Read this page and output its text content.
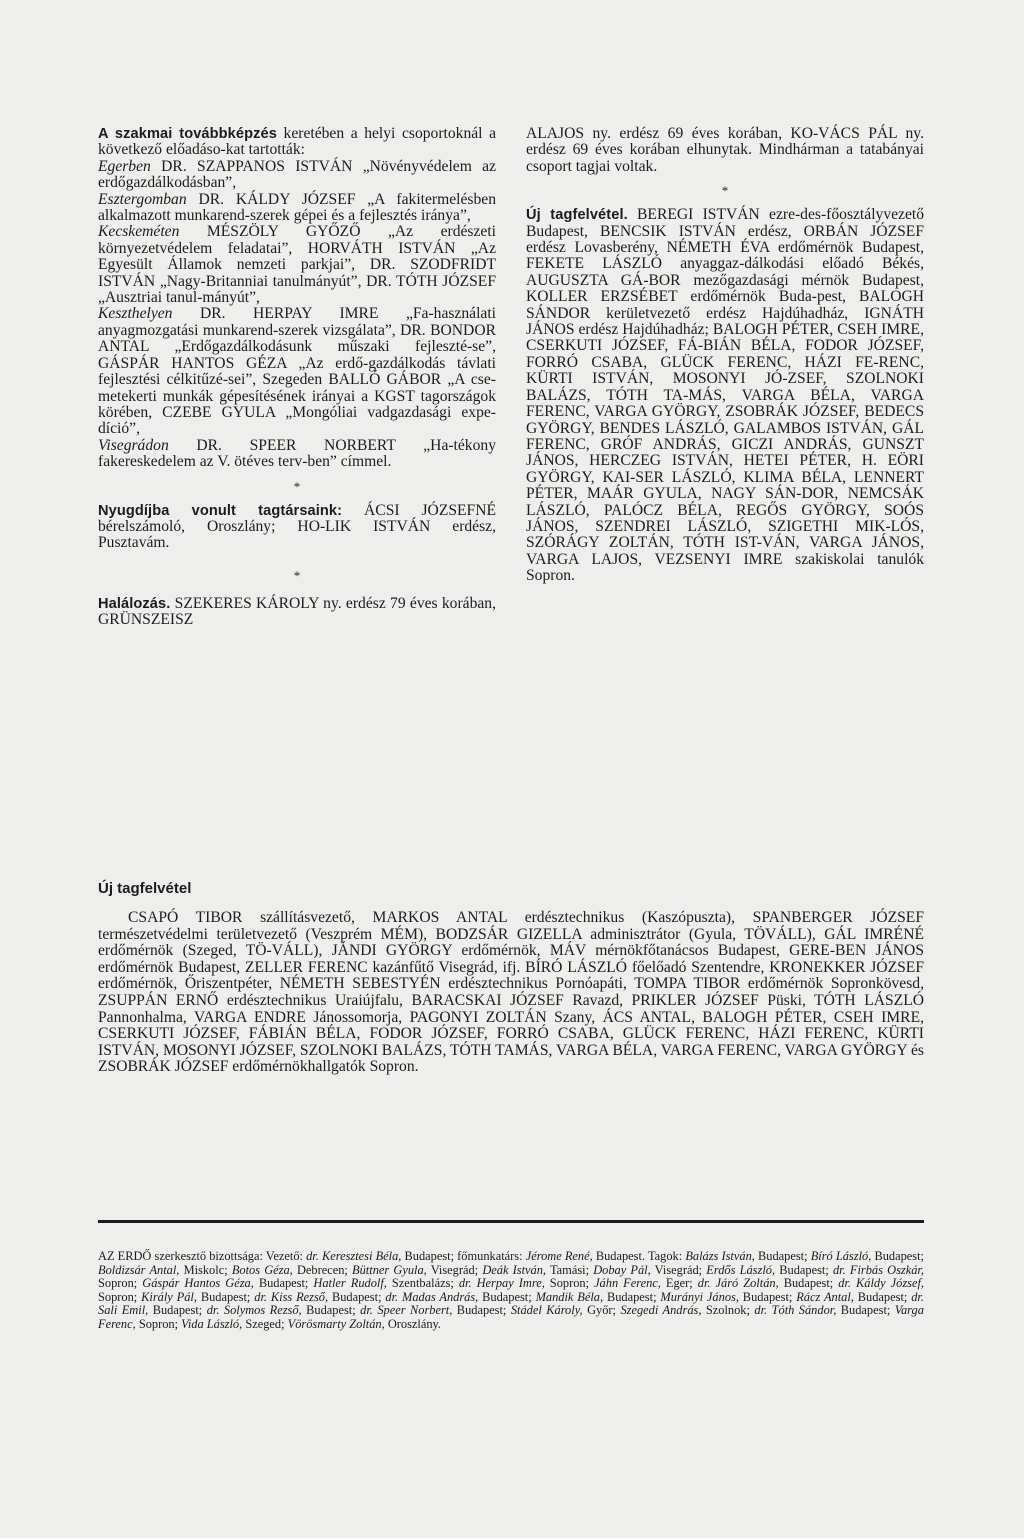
A szakmai továbbképzés keretében a helyi csoportoknál a következő előadáso-kat tartották:
Egerben DR. SZAPPANOS ISTVÁN „Növényvédelem az erdőgazdálkodásban”,
Esztergomban DR. KÁLDY JÓZSEF „A fakitermelésben alkalmazott munkarend-szerek gépei és a fejlesztés iránya”,
Kecskeméten MÉSZÖLY GYŐZŐ „Az erdészeti környezetvédelem feladatai”, HORVÁTH ISTVÁN „Az Egyesült Államok nemzeti parkjai”, DR. SZODFRIDT ISTVÁN „Nagy-Britanniai tanulmányút”, DR. TÓTH JÓZSEF „Ausztriai tanul-mányút”,
Keszthelyen DR. HERPAY IMRE „Fa-használati anyagmozgatási munkarend-szerek vizsgálata”, DR. BONDOR ANTAL „Erdőgazdálkodásunk műszaki fejleszté-se”, GÁSPÁR HANTOS GÉZA „Az erdő-gazdálkodás távlati fejlesztési célkitűzé-sei”, Szegeden BALLÓ GÁBOR „A cse-metekerti munkák gépesítésének irányai a KGST tagországok körében, CZEBE GYULA „Mongóliai vadgazdasági expe-díció”,
Visegrádon DR. SPEER NORBERT „Ha-tékony fakereskedelem az V. ötéves terv-ben” címmel.

*

Nyugdíjba vonult tagtársaink: ÁCSI JÓZSEFNÉ bérelszámoló, Oroszlány; HO-LIK ISTVÁN erdész, Pusztavám.

*

Halálozás. SZEKERES KÁROLY ny. erdész 79 éves korában, GRÜNSZEISZ

ALAJOS ny. erdész 69 éves korában, KO-VÁCS PÁL ny. erdész 69 éves korában elhunytak. Mindhárman a tatabányai csoport tagjai voltak.

*

Új tagfelvétel. BEREGI ISTVÁN ezre-des-főosztályvezető Budapest, BENCSIK ISTVÁN erdész, ORBÁN JÓZSEF erdész Lovasberény, NÉMETH ÉVA erdőmérnök Budapest, FEKETE LÁSZLÓ anyaggaz-dálkodási előadó Békés, AUGUSZTA GÁ-BOR mezőgazdasági mérnök Budapest, KOLLER ERZSÉBET erdőmérnök Buda-pest, BALOGH SÁNDOR kerületvezető erdész Hajdúhadház, IGNÁTH JÁNOS erdész Hajdúhadház; BALOGH PÉTER, CSEH IMRE, CSERKUTI JÓZSEF, FÁ-BIÁN BÉLA, FODOR JÓZSEF, FORRÓ CSABA, GLÜCK FERENC, HÁZI FE-RENC, KÜRTI ISTVÁN, MOSONYI JÓ-ZSEF, SZOLNOKI BALÁZS, TÓTH TA-MÁS, VARGA BÉLA, VARGA FERENC, VARGA GYÖRGY, ZSOBRÁK JÓZSEF, BEDECS GYÖRGY, BENDES LÁSZLÓ, GALAMBOS ISTVÁN, GÁL FERENC, GRÓF ANDRÁS, GICZI ANDRÁS, GUNSZT JÁNOS, HERCZEG ISTVÁN, HETEI PÉTER, H. EÖRI GYÖRGY, KAI-SER LÁSZLÓ, KLIMA BÉLA, LENNERT PÉTER, MAÁR GYULA, NAGY SÁN-DOR, NEMCSÁK LÁSZLÓ, PALÓCZ BÉLA, REGŐS GYÖRGY, SOÓS JÁNOS, SZENDREI LÁSZLÓ, SZIGETHI MIK-LÓS, SZÓRÁGY ZOLTÁN, TÓTH IST-VÁN, VARGA JÁNOS, VARGA LAJOS, VEZSENYI IMRE szakiskolai tanulók Sopron.

Új tagfelvétel

CSAPÓ TIBOR szállításvezető, MARKOS ANTAL erdésztechnikus (Kaszópuszta), SPANBERGER JÓZSEF természetvédelmi területvezető (Veszprém MÉM), BODZSÁR GIZELLA adminisztrátor (Gyula, TÖVÁLL), GÁL IMRÉNÉ erdőmérnök (Szeged, TÖ-VÁLL), JÁNDI GYÖRGY erdőmérnök, MÁV mérnökfőtanácsos Budapest, GERE-BEN JÁNOS erdőmérnök Budapest, ZELLER FERENC kazánfűtő Visegrád, ifj. BÍRÓ LÁSZLÓ főelőadó Szentendre, KRONEKKER JÓZSEF erdőmérnök, Őriszentpéter, NÉMETH SEBESTYÉN erdésztechnikus Pornóapáti, TOMPA TIBOR erdőmérnök Sopronkövesd, ZSUPPÁN ERNŐ erdésztechnikus Uraiújfalu, BARACSKAI JÓZSEF Ravazd, PRIKLER JÓZSEF Püski, TÓTH LÁSZLÓ Pannonhalma, VARGA ENDRE Jánossomorja, PAGONYI ZOLTÁN Szany, ÁCS ANTAL, BALOGH PÉTER, CSEH IMRE, CSERKUTI JÓZSEF, FÁBIÁN BÉLA, FODOR JÓZSEF, FORRÓ CSABA, GLÜCK FERENC, HÁZI FERENC, KÜRTI ISTVÁN, MOSONYI JÓZSEF, SZOLNOKI BALÁZS, TÓTH TAMÁS, VARGA BÉLA, VARGA FERENC, VARGA GYÖRGY és ZSOBRÁK JÓZSEF erdőmérnökhallgatók Sopron.

AZ ERDŐ szerkesztő bizottsága: Vezető: dr. Keresztesi Béla, Budapest; főmunkatárs: Jérome René, Budapest. Tagok: Balázs István, Budapest; Bíró László, Budapest; Boldizsár Antal, Miskolc; Botos Géza, Debrecen; Büttner Gyula, Visegrád; Deák István, Tamási; Dobay Pál, Visegrád; Erdős László, Budapest; dr. Firbás Oszkár, Sopron; Gáspár Hantos Géza, Budapest; Hatler Rudolf, Szentbalázs; dr. Herpay Imre, Sopron; Jáhn Ferenc, Eger; dr. Járó Zoltán, Budapest; dr. Káldy József, Sopron; Király Pál, Budapest; dr. Kiss Rezső, Budapest; dr. Madas András, Budapest; Mandik Béla, Budapest; Murányi János, Budapest; Rácz Antal, Budapest; dr. Sali Emil, Budapest; dr. Solymos Rezső, Budapest; dr. Speer Norbert, Budapest; Stádel Károly, Győr; Szegedi András, Szolnok; dr. Tóth Sándor, Budapest; Varga Ferenc, Sopron; Vida László, Szeged; Vörösmarty Zoltán, Oroszlány.
